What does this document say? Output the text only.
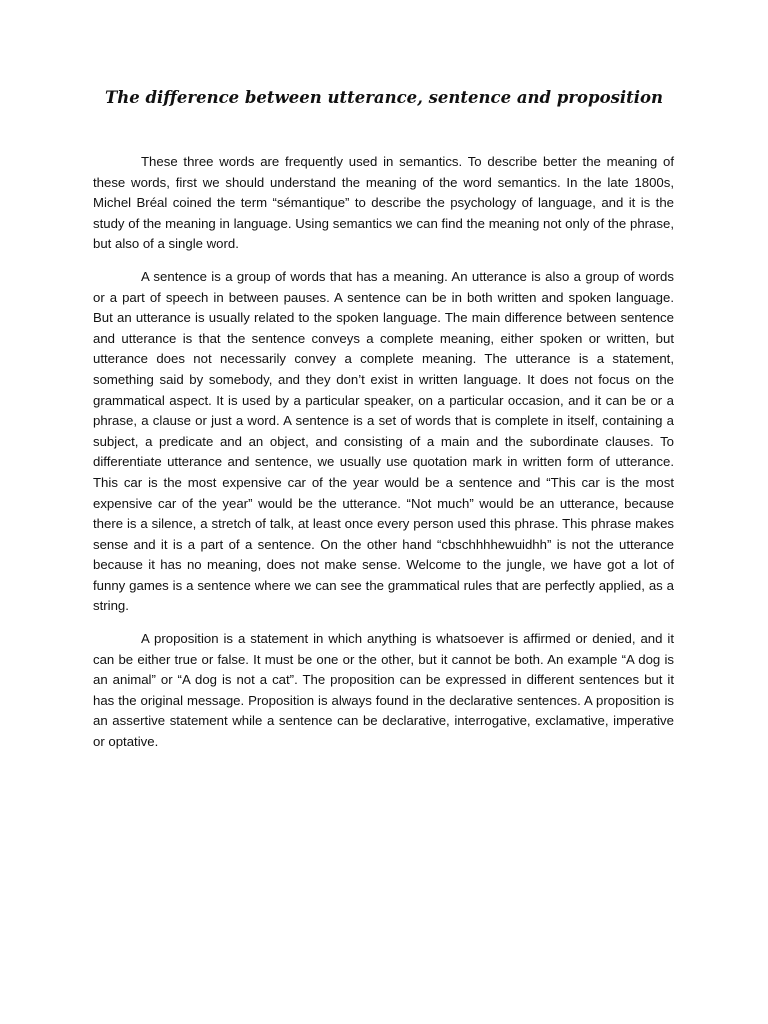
The difference between utterance, sentence and proposition

These three words are frequently used in semantics. To describe better the meaning of these words, first we should understand the meaning of the word semantics. In the late 1800s, Michel Bréal coined the term “sémantique” to describe the psychology of language, and it is the study of the meaning in language. Using semantics we can find the meaning not only of the phrase, but also of a single word.

A sentence is a group of words that has a meaning. An utterance is also a group of words or a part of speech in between pauses. A sentence can be in both written and spoken language. But an utterance is usually related to the spoken language. The main difference between sentence and utterance is that the sentence conveys a complete meaning, either spoken or written, but utterance does not necessarily convey a complete meaning. The utterance is a statement, something said by somebody, and they don’t exist in written language. It does not focus on the grammatical aspect. It is used by a particular speaker, on a particular occasion, and it can be or a phrase, a clause or just a word. A sentence is a set of words that is complete in itself, containing a subject, a predicate and an object, and consisting of a main and the subordinate clauses. To differentiate utterance and sentence, we usually use quotation mark in written form of utterance. This car is the most expensive car of the year would be a sentence and “This car is the most expensive car of the year” would be the utterance. “Not much” would be an utterance, because there is a silence, a stretch of talk, at least once every person used this phrase. This phrase makes sense and it is a part of a sentence. On the other hand “cbschhhhewuidhh” is not the utterance because it has no meaning, does not make sense. Welcome to the jungle, we have got a lot of funny games is a sentence where we can see the grammatical rules that are perfectly applied, as a string.

A proposition is a statement in which anything is whatsoever is affirmed or denied, and it can be either true or false. It must be one or the other, but it cannot be both. An example “A dog is an animal” or “A dog is not a cat”. The proposition can be expressed in different sentences but it has the original message. Proposition is always found in the declarative sentences. A proposition is an assertive statement while a sentence can be declarative, interrogative, exclamative, imperative or optative.
